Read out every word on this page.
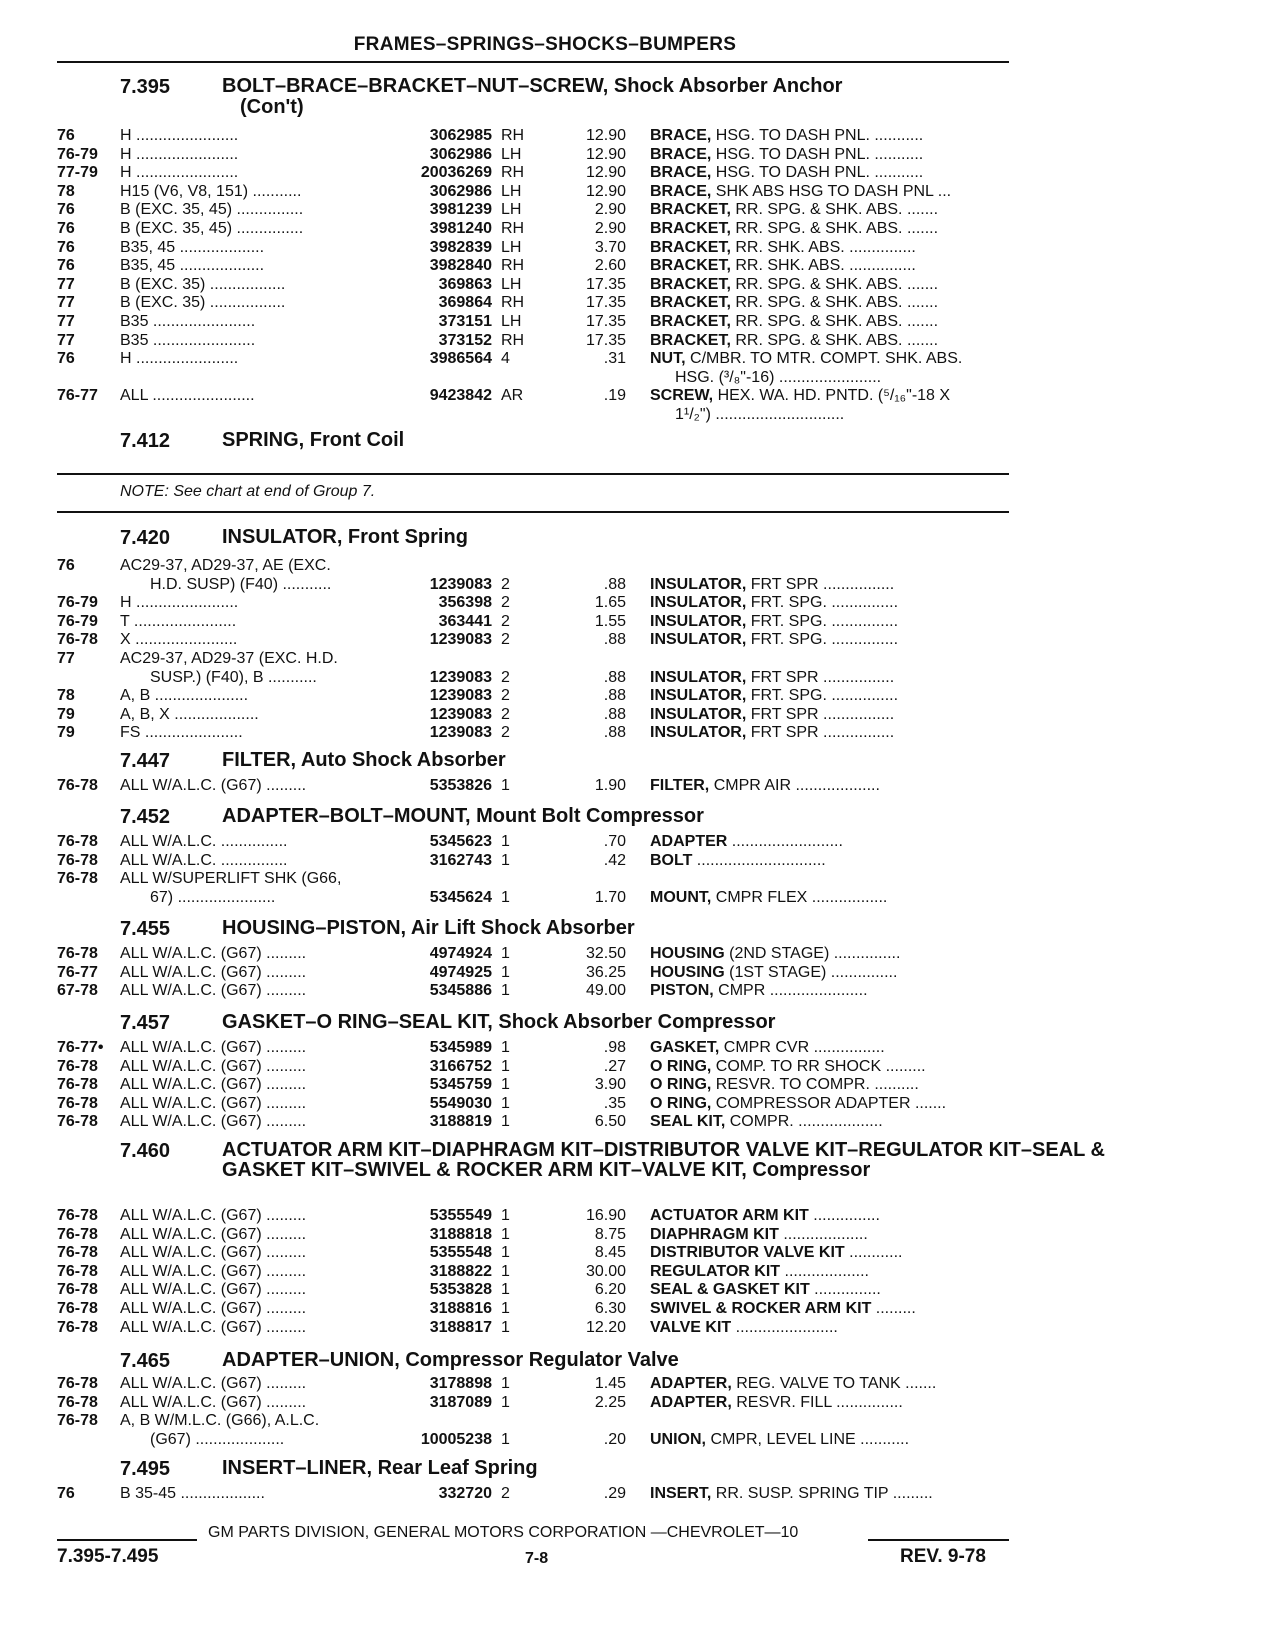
FRAMES–SPRINGS–SHOCKS–BUMPERS
7.395	BOLT–BRACE–BRACKET–NUT–SCREW, Shock Absorber Anchor
(Con't)
76	H .......................	3062985 RH	12.90 BRACE, HSG. TO DASH PNL. ...........
76-79 H .......................	3062986 LH	12.90 BRACE, HSG. TO DASH PNL. ...........
77-79 H .......................	20036269 RH	12.90 BRACE, HSG. TO DASH PNL. ...........
78	H15 (V6, V8, 151) ...........	3062986 LH	12.90 BRACE, SHK ABS HSG TO DASH PNL ...
76	B (EXC. 35, 45) ...............	3981239 LH	2.90 BRACKET, RR. SPG. & SHK. ABS. .......
76	B (EXC. 35, 45) ...............	3981240 RH	2.90 BRACKET, RR. SPG. & SHK. ABS. .......
76	B35, 45 ...................	3982839 LH	3.70 BRACKET, RR. SHK. ABS. ...............
76	B35, 45 ...................	3982840 RH	2.60 BRACKET, RR. SHK. ABS. ...............
77	B (EXC. 35) .................	369863 LH	17.35 BRACKET, RR. SPG. & SHK. ABS. .......
77	B (EXC. 35) .................	369864 RH	17.35 BRACKET, RR. SPG. & SHK. ABS. .......
77	B35 .......................	373151 LH	17.35 BRACKET, RR. SPG. & SHK. ABS. .......
77	B35 .......................	373152 RH	17.35 BRACKET, RR. SPG. & SHK. ABS. .......
76	H .......................	3986564 4	.31 NUT, C/MBR. TO MTR. COMPT. SHK. ABS.
HSG. (³/₈"-16) .......................
76-77 ALL .......................	9423842 AR	.19 SCREW, HEX. WA. HD. PNTD. (⁵/₁₆"-18 X
1¹/₂") .............................
7.412	SPRING, Front Coil
7.420	INSULATOR, Front Spring
76	AC29-37, AD29-37, AE (EXC.
H.D. SUSP) (F40) ...........	1239083 2	.88 INSULATOR, FRT SPR ................
76-79 H .......................	356398 2	1.65 INSULATOR, FRT. SPG. ...............
76-79 T .......................	363441 2	1.55 INSULATOR, FRT. SPG. ...............
76-78 X .......................	1239083 2	.88 INSULATOR, FRT. SPG. ...............
77	AC29-37, AD29-37 (EXC. H.D.
SUSP.) (F40), B ...........	1239083 2	.88 INSULATOR, FRT SPR ................
78	A, B .....................	1239083 2	.88 INSULATOR, FRT. SPG. ...............
79	A, B, X ...................	1239083 2	.88 INSULATOR, FRT SPR ................
79	FS ......................	1239083 2	.88 INSULATOR, FRT SPR ................
7.447	FILTER, Auto Shock Absorber
76-78 ALL W/A.L.C. (G67) .........	5353826 1	1.90 FILTER, CMPR AIR ...................
7.452	ADAPTER–BOLT–MOUNT, Mount Bolt Compressor
76-78 ALL W/A.L.C. ...............	5345623 1	.70 ADAPTER .........................
76-78 ALL W/A.L.C. ...............	3162743 1	.42 BOLT .............................
76-78 ALL W/SUPERLIFT SHK (G66,
67) ......................	5345624 1	1.70 MOUNT, CMPR FLEX .................
7.455	HOUSING–PISTON, Air Lift Shock Absorber
76-78 ALL W/A.L.C. (G67) .........	4974924 1	32.50 HOUSING (2ND STAGE) ...............
76-77 ALL W/A.L.C. (G67) .........	4974925 1	36.25 HOUSING (1ST STAGE) ...............
67-78 ALL W/A.L.C. (G67) .........	5345886 1	49.00 PISTON, CMPR ......................
7.457	GASKET–O RING–SEAL KIT, Shock Absorber Compressor
76-77• ALL W/A.L.C. (G67) .........	5345989 1	.98 GASKET, CMPR CVR ................
76-78 ALL W/A.L.C. (G67) .........	3166752 1	.27 O RING, COMP. TO RR SHOCK .........
76-78 ALL W/A.L.C. (G67) .........	5345759 1	3.90 O RING, RESVR. TO COMPR. ..........
76-78 ALL W/A.L.C. (G67) .........	5549030 1	.35 O RING, COMPRESSOR ADAPTER .......
76-78 ALL W/A.L.C. (G67) .........	3188819 1	6.50 SEAL KIT, COMPR. ...................
7.460	ACTUATOR ARM KIT–DIAPHRAGM KIT–DISTRIBUTOR VALVE KIT–REGULATOR KIT–SEAL & GASKET KIT–SWIVEL & ROCKER ARM KIT–VALVE KIT, Compressor
76-78 ALL W/A.L.C. (G67) .........	5355549 1	16.90 ACTUATOR ARM KIT ...............
76-78 ALL W/A.L.C. (G67) .........	3188818 1	8.75 DIAPHRAGM KIT ...................
76-78 ALL W/A.L.C. (G67) .........	5355548 1	8.45 DISTRIBUTOR VALVE KIT ............
76-78 ALL W/A.L.C. (G67) .........	3188822 1	30.00 REGULATOR KIT ...................
76-78 ALL W/A.L.C. (G67) .........	5353828 1	6.20 SEAL & GASKET KIT ...............
76-78 ALL W/A.L.C. (G67) .........	3188816 1	6.30 SWIVEL & ROCKER ARM KIT .........
76-78 ALL W/A.L.C. (G67) .........	3188817 1	12.20 VALVE KIT .......................
7.465	ADAPTER–UNION, Compressor Regulator Valve
76-78 ALL W/A.L.C. (G67) .........	3178898 1	1.45 ADAPTER, REG. VALVE TO TANK .......
76-78 ALL W/A.L.C. (G67) .........	3187089 1	2.25 ADAPTER, RESVR. FILL ...............
76-78 A, B W/M.L.C. (G66), A.L.C.
(G67) ....................	10005238 1	.20 UNION, CMPR, LEVEL LINE ...........
7.495	INSERT–LINER, Rear Leaf Spring
76	B 35-45 ...................	332720 2	.29 INSERT, RR. SUSP. SPRING TIP .........
NOTE: See chart at end of Group 7.
GM PARTS DIVISION, GENERAL MOTORS CORPORATION —CHEVROLET—10
7.395-7.495	7-8	REV. 9-78
